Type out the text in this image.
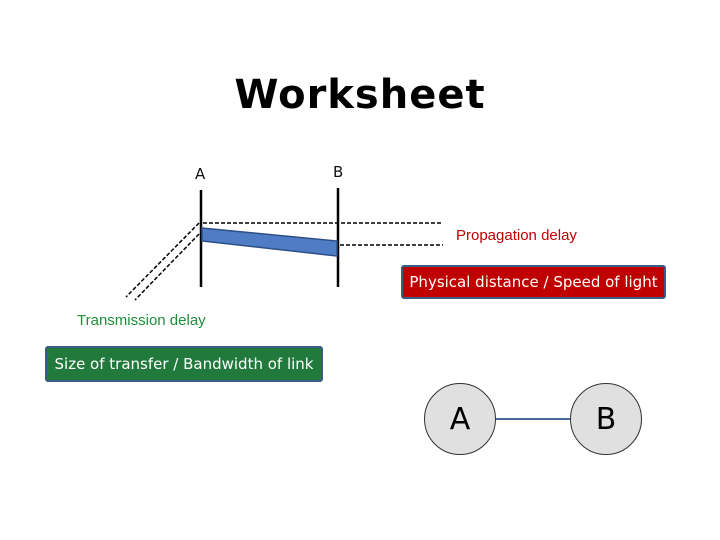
Worksheet
A	B
Propagation delay
Physical distance / Speed of light
Transmission delay
Size of transfer / Bandwidth of link
A	B
